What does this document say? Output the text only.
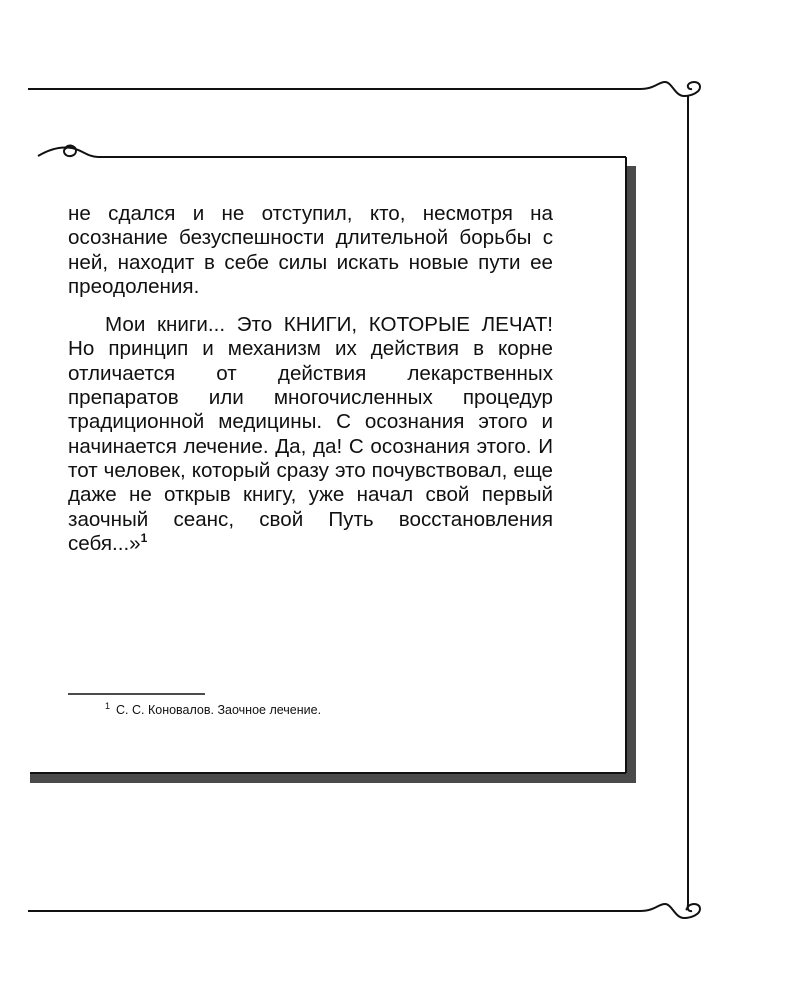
не сдался и не отступил, кто, несмотря на осознание безуспешности длительной борьбы с ней, находит в себе силы искать новые пути ее преодоления.

Мои книги... Это КНИГИ, КОТОРЫЕ ЛЕЧАТ! Но принцип и механизм их действия в корне отличается от действия лекарственных препаратов или многочисленных процедур традиционной медицины. С осознания этого и начинается лечение. Да, да! С осознания этого. И тот человек, который сразу это почувствовал, еще даже не открыв книгу, уже начал свой первый заочный сеанс, свой Путь восстановления себя...»$^1$

$^1$ С. С. Коновалов. Заочное лечение.
